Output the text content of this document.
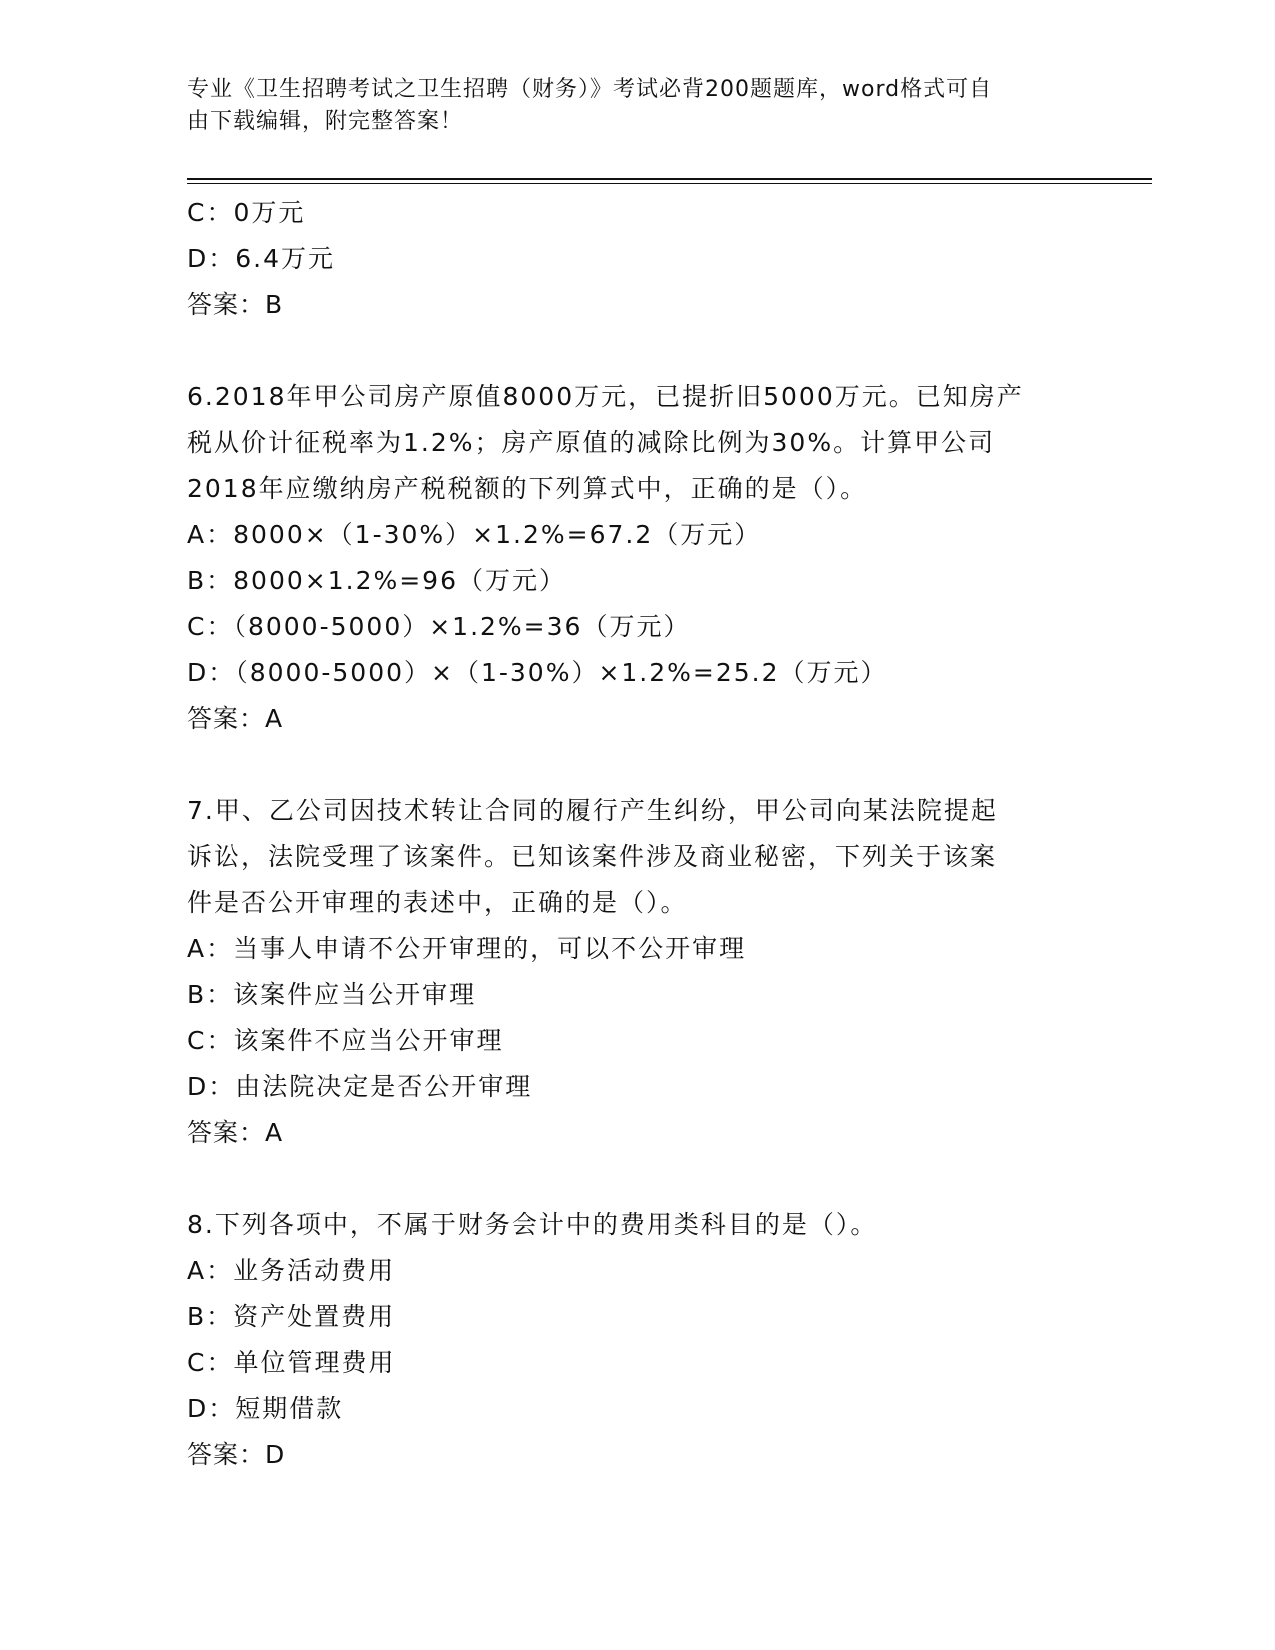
专业《卫生招聘考试之卫生招聘（财务）》考试必背200题题库，word格式可自
由下载编辑，附完整答案！
C：0万元
D：6.4万元
答案：B
6.2018年甲公司房产原值8000万元，已提折旧5000万元。已知房产
税从价计征税率为1.2%；房产原值的减除比例为30%。计算甲公司
2018年应缴纳房产税税额的下列算式中，正确的是（）。
A：8000×（1-30%）×1.2%=67.2（万元）
B：8000×1.2%=96（万元）
C：（8000-5000）×1.2%=36（万元）
D：（8000-5000）×（1-30%）×1.2%=25.2（万元）
答案：A
7.甲、乙公司因技术转让合同的履行产生纠纷，甲公司向某法院提起
诉讼，法院受理了该案件。已知该案件涉及商业秘密，下列关于该案
件是否公开审理的表述中，正确的是（）。
A：当事人申请不公开审理的，可以不公开审理
B：该案件应当公开审理
C：该案件不应当公开审理
D：由法院决定是否公开审理
答案：A
8.下列各项中，不属于财务会计中的费用类科目的是（）。
A：业务活动费用
B：资产处置费用
C：单位管理费用
D：短期借款
答案：D
